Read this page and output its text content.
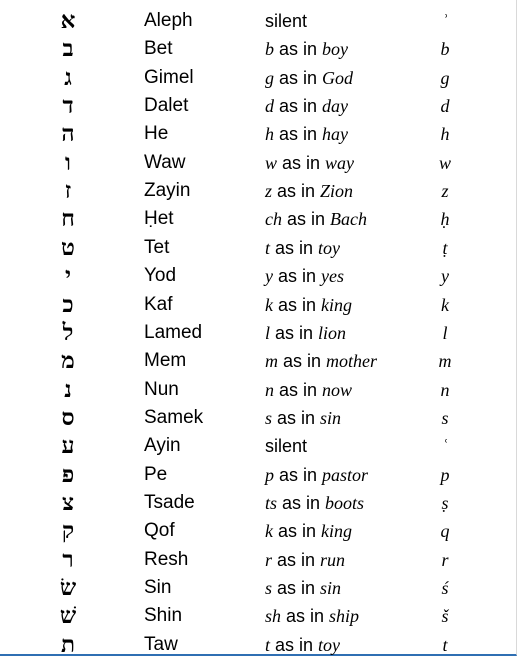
א	Aleph	silent	ʾ
ב	Bet	b as in boy	b
ג	Gimel	g as in God	g
ד	Dalet	d as in day	d
ה	He	h as in hay	h
ו	Waw	w as in way	w
ז	Zayin	z as in Zion	z
ח	Ḥet	ch as in Bach	ḥ
ט	Tet	t as in toy	ṭ
י	Yod	y as in yes	y
כ	Kaf	k as in king	k
ל	Lamed	l as in lion	l
מ	Mem	m as in mother	m
נ	Nun	n as in now	n
ס	Samek	s as in sin	s
ע	Ayin	silent	ʿ
פ	Pe	p as in pastor	p
צ	Tsade	ts as in boots	ṣ
ק	Qof	k as in king	q
ר	Resh	r as in run	r
שׂ	Sin	s as in sin	ś
שׁ	Shin	sh as in ship	š
ת	Taw	t as in toy	t
